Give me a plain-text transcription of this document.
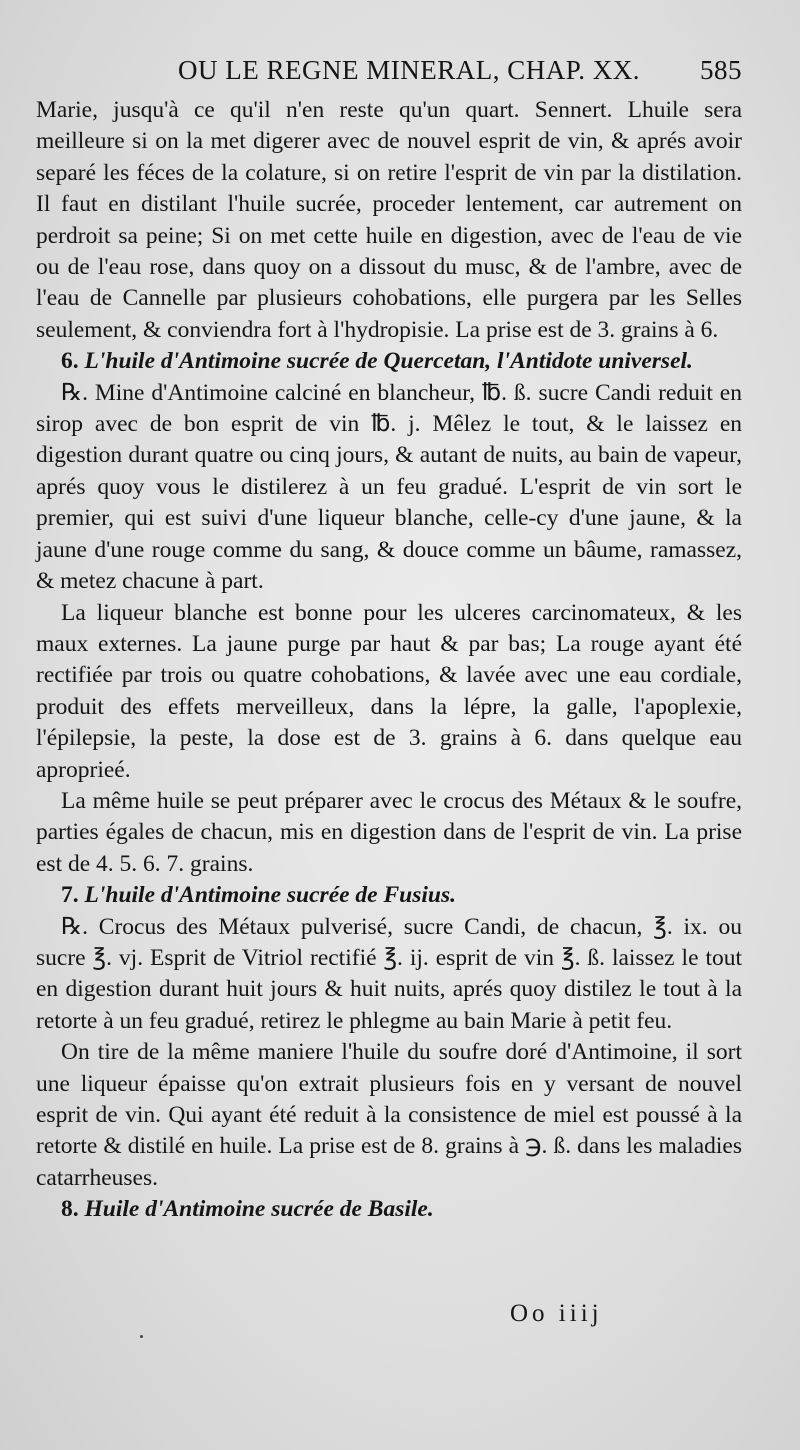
OU LE REGNE MINERAL, CHAP. XX. 585

Marie, jusqu'à ce qu'il n'en reste qu'un quart. Sennert. Lhuile sera meilleure si on la met digerer avec de nouvel esprit de vin, & aprés avoir separé les féces de la colature, si on retire l'esprit de vin par la distilation. Il faut en distilant l'huile sucrée, proceder lentement, car autrement on perdroit sa peine; Si on met cette huile en digestion, avec de l'eau de vie ou de l'eau rose, dans quoy on a dissout du musc, & de l'ambre, avec de l'eau de Cannelle par plusieurs cohobations, elle purgera par les Selles seulement, & conviendra fort à l'hydropisie. La prise est de 3. grains à 6.

6. L'huile d'Antimoine sucrée de Quercetan, l'Antidote universel.

℞. Mine d'Antimoine calciné en blancheur, ℔. ß. sucre Candi reduit en sirop avec de bon esprit de vin ℔. j. Mêlez le tout, & le laissez en digestion durant quatre ou cinq jours, & autant de nuits, au bain de vapeur, aprés quoy vous le distilerez à un feu gradué. L'esprit de vin sort le premier, qui est suivi d'une liqueur blanche, celle-cy d'une jaune, & la jaune d'une rouge comme du sang, & douce comme un bâume, ramassez, & metez chacune à part.

La liqueur blanche est bonne pour les ulceres carcinomateux, & les maux externes. La jaune purge par haut & par bas; La rouge ayant été rectifiée par trois ou quatre cohobations, & lavée avec une eau cordiale, produit des effets merveilleux, dans la lépre, la galle, l'apoplexie, l'épilepsie, la peste, la dose est de 3. grains à 6. dans quelque eau aproprieé.

La même huile se peut préparer avec le crocus des Métaux & le soufre, parties égales de chacun, mis en digestion dans de l'esprit de vin. La prise est de 4. 5. 6. 7. grains.

7. L'huile d'Antimoine sucrée de Fusius.

℞. Crocus des Métaux pulverisé, sucre Candi, de chacun, ℥. ix. ou sucre ℥. vj. Esprit de Vitriol rectifié ℥. ij. esprit de vin ℥. ß. laissez le tout en digestion durant huit jours & huit nuits, aprés quoy distilez le tout à la retorte à un feu gradué, retirez le phlegme au bain Marie à petit feu.

On tire de la même maniere l'huile du soufre doré d'Antimoine, il sort une liqueur épaisse qu'on extrait plusieurs fois en y versant de nouvel esprit de vin. Qui ayant été reduit à la consistence de miel est poussé à la retorte & distilé en huile. La prise est de 8. grains à ℈. ß. dans les maladies catarrheuses.

8. Huile d'Antimoine sucrée de Basile.

Oo iiij
